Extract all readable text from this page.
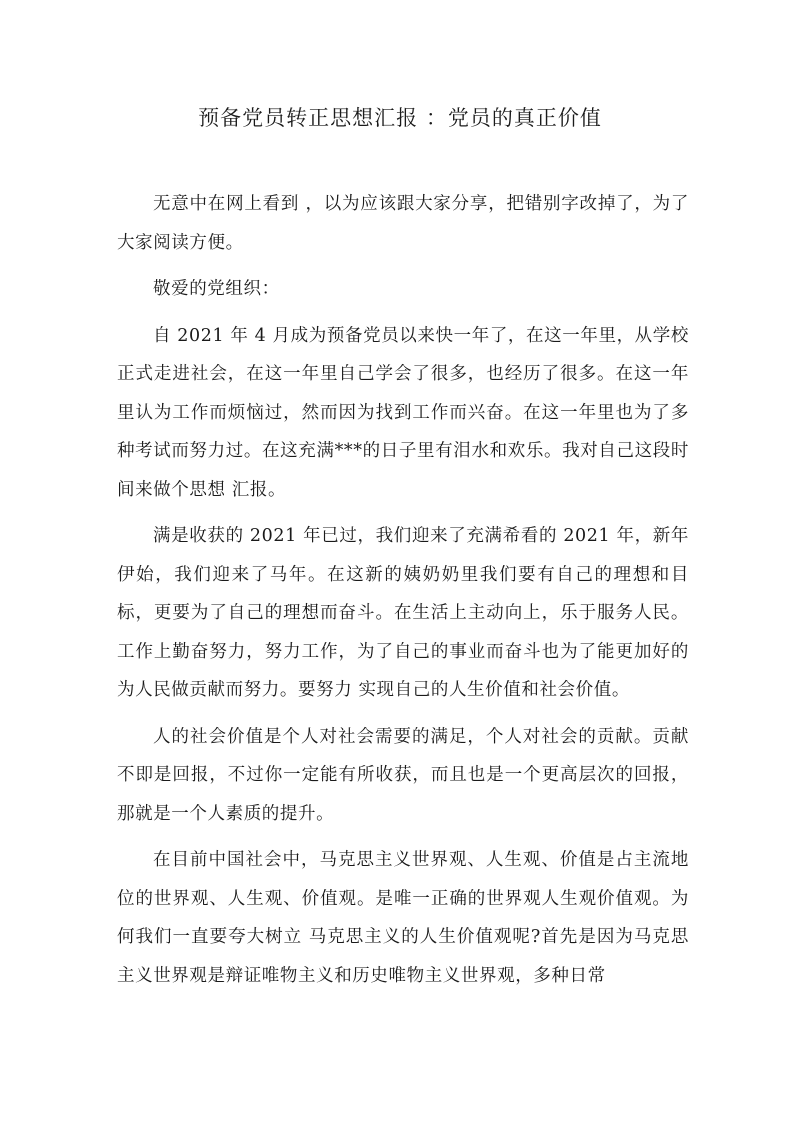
预备党员转正思想汇报 ：党员的真正价值

无意中在网上看到 ，以为应该跟大家分享，把错别字改掉了，为了大家阅读方便。

敬爱的党组织：

自 2021 年 4 月成为预备党员以来快一年了，在这一年里，从学校正式走进社会，在这一年里自己学会了很多，也经历了很多。在这一年里认为工作而烦恼过，然而因为找到工作而兴奋。在这一年里也为了多种考试而努力过。在这充满***的日子里有泪水和欢乐。我对自己这段时间来做个思想 汇报。

满是收获的 2021 年已过，我们迎来了充满希看的 2021 年，新年伊始，我们迎来了马年。在这新的姨奶奶里我们要有自己的理想和目标，更要为了自己的理想而奋斗。在生活上主动向上，乐于服务人民。工作上勤奋努力，努力工作，为了自己的事业而奋斗也为了能更加好的为人民做贡献而努力。要努力 实现自己的人生价值和社会价值。

人的社会价值是个人对社会需要的满足，个人对社会的贡献。贡献不即是回报，不过你一定能有所收获，而且也是一个更高层次的回报，那就是一个人素质的提升。

在目前中国社会中，马克思主义世界观、人生观、价值是占主流地位的世界观、人生观、价值观。是唯一正确的世界观人生观价值观。为何我们一直要夸大树立 马克思主义的人生价值观呢?首先是因为马克思主义世界观是辩证唯物主义和历史唯物主义世界观，多种日常
